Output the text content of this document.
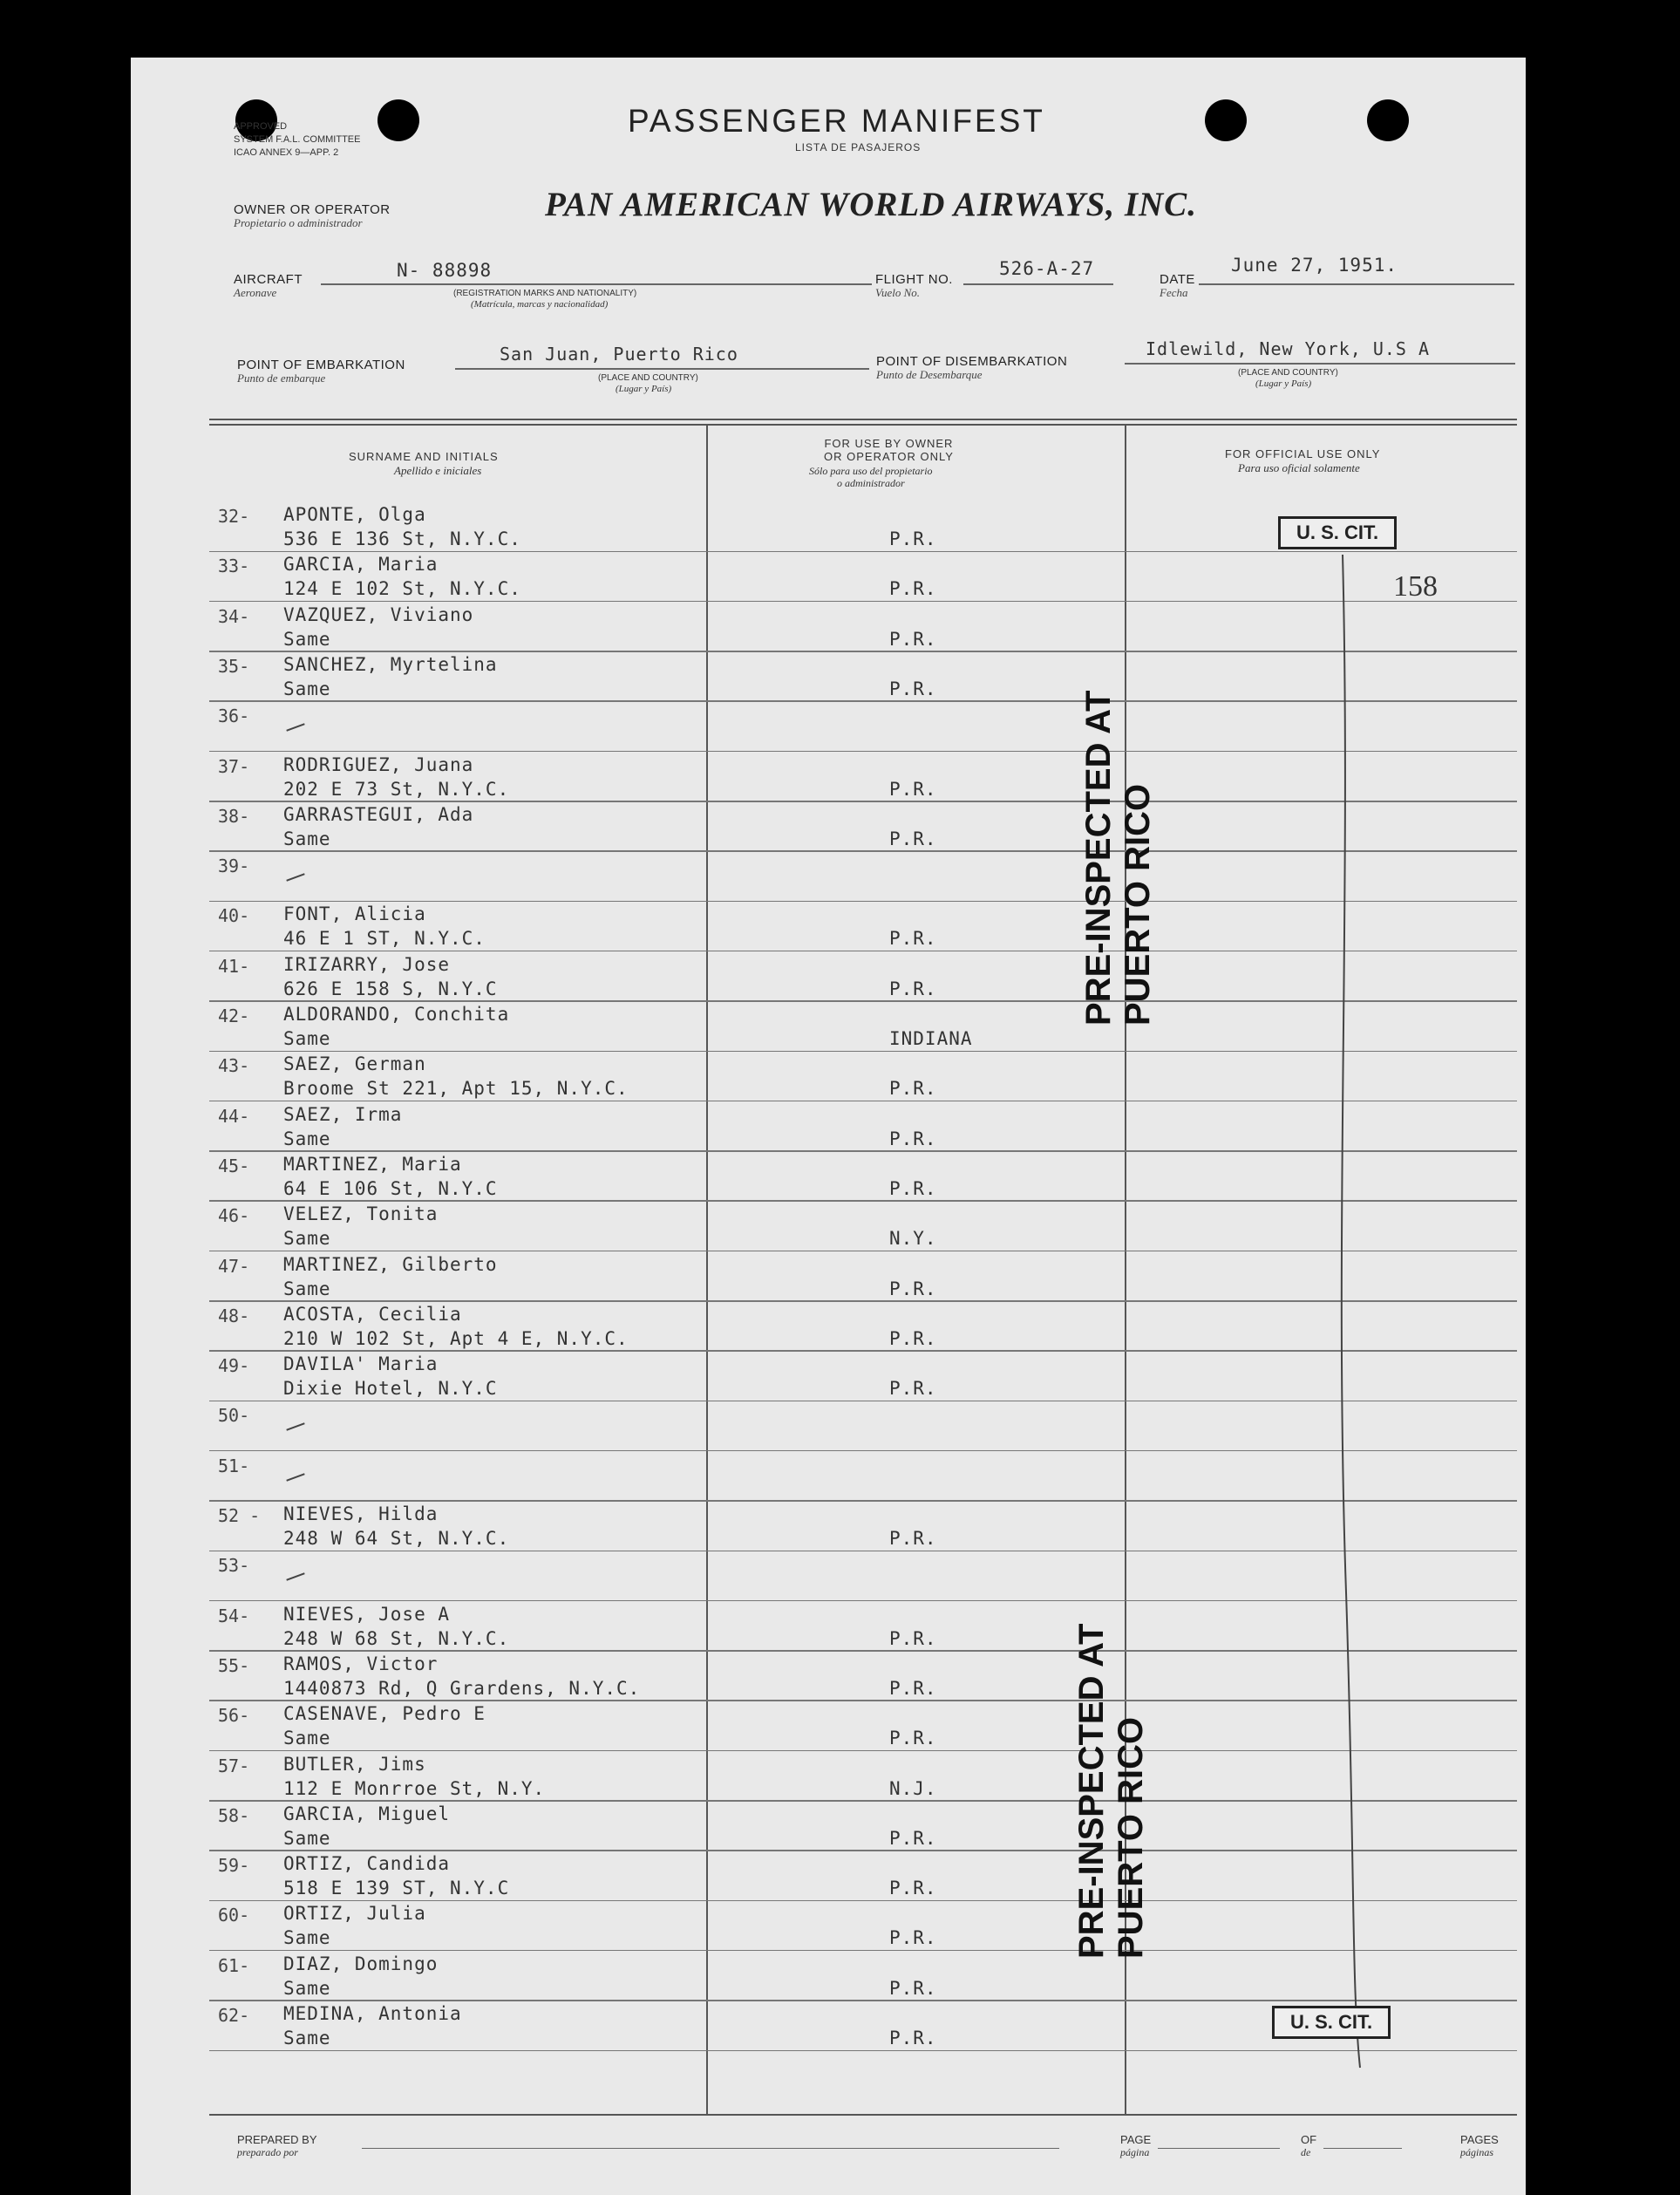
APPROVED
SYSTEM F.A.L. COMMITTEE
ICAO ANNEX 9—APP. 2
PASSENGER MANIFEST
LISTA DE PASAJEROS
OWNER OR OPERATOR
Propietario o administrador	PAN AMERICAN WORLD AIRWAYS, INC.
AIRCRAFT
Aeronave
N- 88898
(REGISTRATION MARKS AND NATIONALITY)
(Matrícula, marcas y nacionalidad)
FLIGHT NO.
Vuelo No.
526-A-27
DATE
Fecha
June 27, 1951.
POINT OF EMBARKATION
Punto de embarque
San Juan, Puerto Rico
(PLACE AND COUNTRY)
(Lugar y País)
POINT OF DISEMBARKATION
Punto de Desembarque
Idlewild, New York, U.S A
(PLACE AND COUNTRY)
(Lugar y País)
SURNAME AND INITIALS
Apellido e iniciales
FOR USE BY OWNER
OR OPERATOR ONLY
Sólo para uso del propietario
o administrador
FOR OFFICIAL USE ONLY
Para uso oficial solamente
32- APONTE, Olga
536 E 136 St, N.Y.C.	P.R.
33- GARCIA, Maria
124 E 102 St, N.Y.C.	P.R.
34- VAZQUEZ, Viviano
Same	P.R.
35- SANCHEZ, Myrtelina
Same	P.R.
36-
37- RODRIGUEZ, Juana
202 E 73 St, N.Y.C.	P.R.
38- GARRASTEGUI, Ada
Same	P.R.
39-
40- FONT, Alicia
46 E 1 ST, N.Y.C.	P.R.
41- IRIZARRY, Jose
626 E 158 S, N.Y.C	P.R.
42- ALDORANDO, Conchita
Same	INDIANA
43- SAEZ, German
Broome St 221, Apt 15, N.Y.C.	P.R.
44- SAEZ, Irma
Same	P.R.
45- MARTINEZ, Maria
64 E 106 St, N.Y.C	P.R.
46- VELEZ, Tonita
Same	N.Y.
47- MARTINEZ, Gilberto
Same	P.R.
48- ACOSTA, Cecilia
210 W 102 St, Apt 4 E, N.Y.C.	P.R.
49- DAVILA' Maria
Dixie Hotel, N.Y.C	P.R.
50-
51-
52 - NIEVES, Hilda
248 W 64 St, N.Y.C.	P.R.
53-
54- NIEVES, Jose A
248 W 68 St, N.Y.C.	P.R.
55- RAMOS, Victor
1440873 Rd, Q Grardens, N.Y.C.	P.R.
56- CASENAVE, Pedro E
Same	P.R.
57- BUTLER, Jims
112 E Monrroe St, N.Y.	N.J.
58- GARCIA, Miguel
Same	P.R.
59- ORTIZ, Candida
518 E 139 ST, N.Y.C	P.R.
60- ORTIZ, Julia
Same	P.R.
61- DIAZ, Domingo
Same	P.R.
62- MEDINA, Antonia
Same	P.R.
PRE-INSPECTED AT PUERTO RICO
PRE-INSPECTED AT PUERTO RICO
U. S. CIT.
158
U. S. CIT.
PREPARED BY
preparado por
PAGE
página
OF
de
PAGES
páginas
